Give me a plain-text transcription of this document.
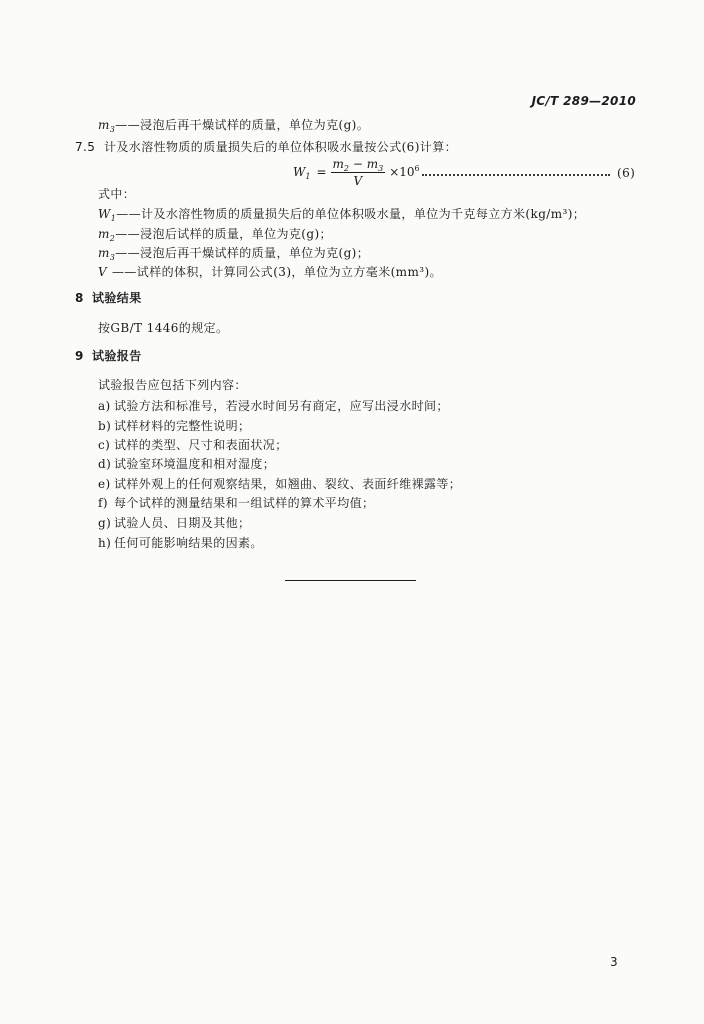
JC/T 289—2010
$m_3——$浸泡后再干燥试样的质量，单位为克(g)。
7.5 计及水溶性物质的质量损失后的单位体积吸水量按公式(6)计算：
$W_1 = \frac{m_2 - m_3}{V} \times 10^6$	(6)
式中：
$W_1——$计及水溶性物质的质量损失后的单位体积吸水量，单位为千克每立方米(kg/m³)；
$m_2——$浸泡后试样的质量，单位为克(g)；
$m_3——$浸泡后再干燥试样的质量，单位为克(g)；
V ——试样的体积，计算同公式(3)，单位为立方毫米(mm³)。
8 试验结果
按GB/T 1446的规定。
9 试验报告
试验报告应包括下列内容：
a) 试验方法和标准号，若浸水时间另有商定，应写出浸水时间；
b) 试样材料的完整性说明；
c) 试样的类型、尺寸和表面状况；
d) 试验室环境温度和相对湿度；
e) 试样外观上的任何观察结果，如翘曲、裂纹、表面纤维裸露等；
f) 每个试样的测量结果和一组试样的算术平均值；
g) 试验人员、日期及其他；
h) 任何可能影响结果的因素。
3
